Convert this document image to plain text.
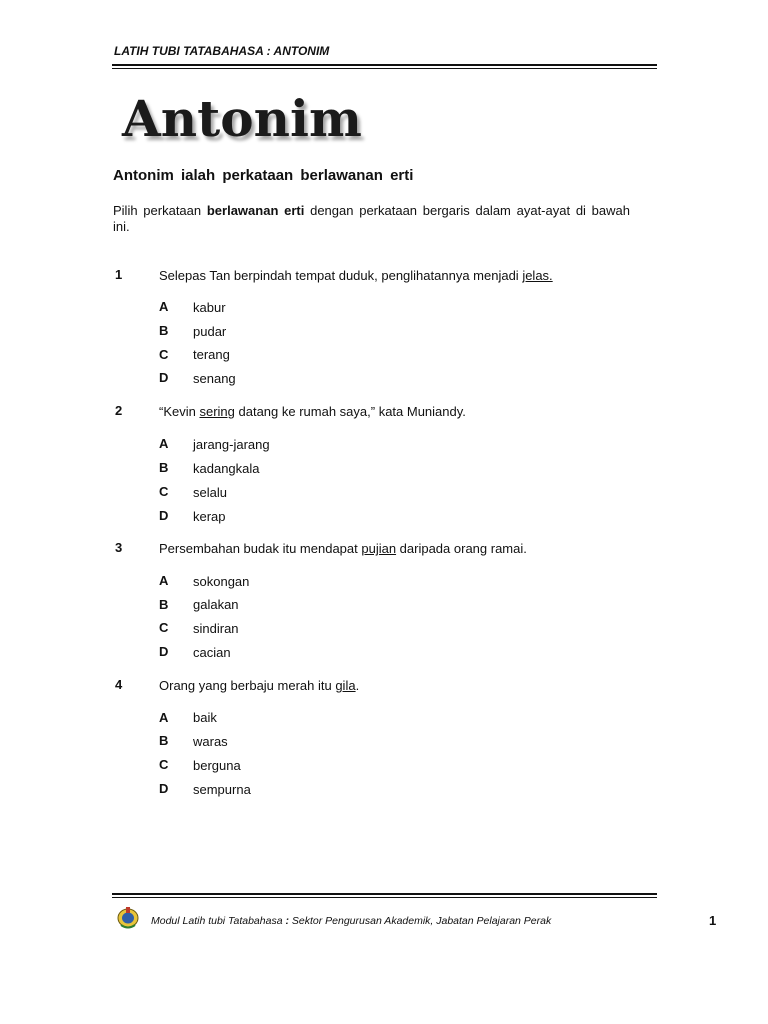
LATIH TUBI TATABAHASA : ANTONIM
Antonim
Antonim ialah perkataan berlawanan erti
Pilih perkataan berlawanan erti dengan perkataan bergaris dalam ayat-ayat di bawah ini.
1	Selepas Tan berpindah tempat duduk, penglihatannya menjadi jelas.
A kabur
B pudar
C terang
D senang
2	“Kevin sering datang ke rumah saya,” kata Muniandy.
A jarang-jarang
B kadangkala
C selalu
D kerap
3	Persembahan budak itu mendapat pujian daripada orang ramai.
A sokongan
B galakan
C sindiran
D cacian
4	Orang yang berbaju merah itu gila.
A baik
B waras
C berguna
D sempurna
Modul Latih tubi Tatabahasa : Sektor Pengurusan Akademik, Jabatan Pelajaran Perak	1
